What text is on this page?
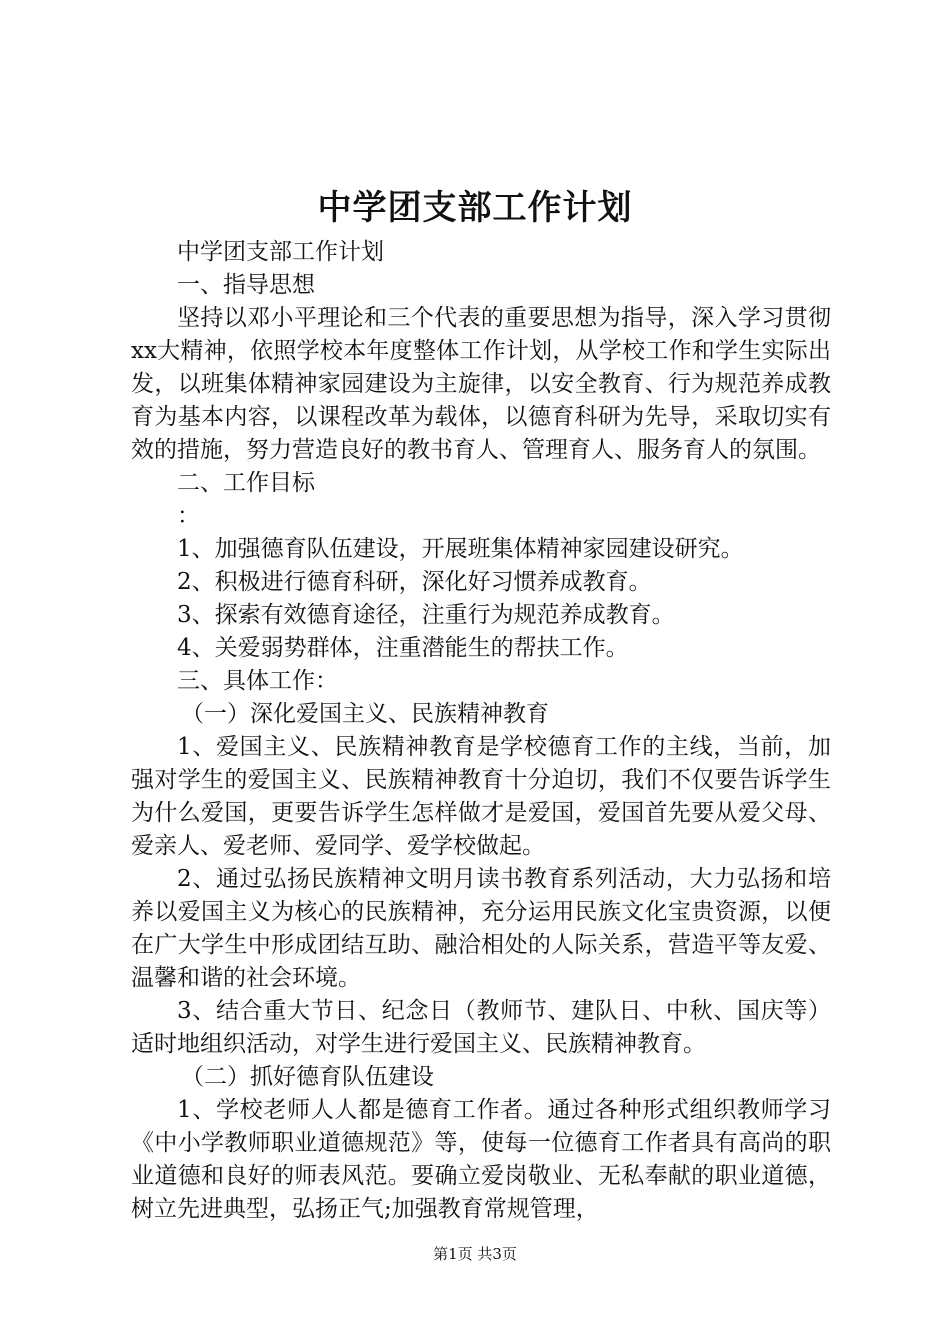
中学团支部工作计划

中学团支部工作计划

一、指导思想

坚持以邓小平理论和三个代表的重要思想为指导，深入学习贯彻xx大精神，依照学校本年度整体工作计划，从学校工作和学生实际出发，以班集体精神家园建设为主旋律，以安全教育、行为规范养成教育为基本内容，以课程改革为载体，以德育科研为先导，采取切实有效的措施，努力营造良好的教书育人、管理育人、服务育人的氛围。

二、工作目标

：

1、加强德育队伍建设，开展班集体精神家园建设研究。

2、积极进行德育科研，深化好习惯养成教育。

3、探索有效德育途径，注重行为规范养成教育。

4、关爱弱势群体，注重潜能生的帮扶工作。

三、具体工作：

（一）深化爱国主义、民族精神教育

1、爱国主义、民族精神教育是学校德育工作的主线，当前，加强对学生的爱国主义、民族精神教育十分迫切，我们不仅要告诉学生为什么爱国，更要告诉学生怎样做才是爱国，爱国首先要从爱父母、爱亲人、爱老师、爱同学、爱学校做起。

2、通过弘扬民族精神文明月读书教育系列活动，大力弘扬和培养以爱国主义为核心的民族精神，充分运用民族文化宝贵资源，以便在广大学生中形成团结互助、融洽相处的人际关系，营造平等友爱、温馨和谐的社会环境。

3、结合重大节日、纪念日（教师节、建队日、中秋、国庆等）适时地组织活动，对学生进行爱国主义、民族精神教育。

（二）抓好德育队伍建设

1、学校老师人人都是德育工作者。通过各种形式组织教师学习《中小学教师职业道德规范》等，使每一位德育工作者具有高尚的职业道德和良好的师表风范。要确立爱岗敬业、无私奉献的职业道德，树立先进典型，弘扬正气;加强教育常规管理，

第1页 共3页
